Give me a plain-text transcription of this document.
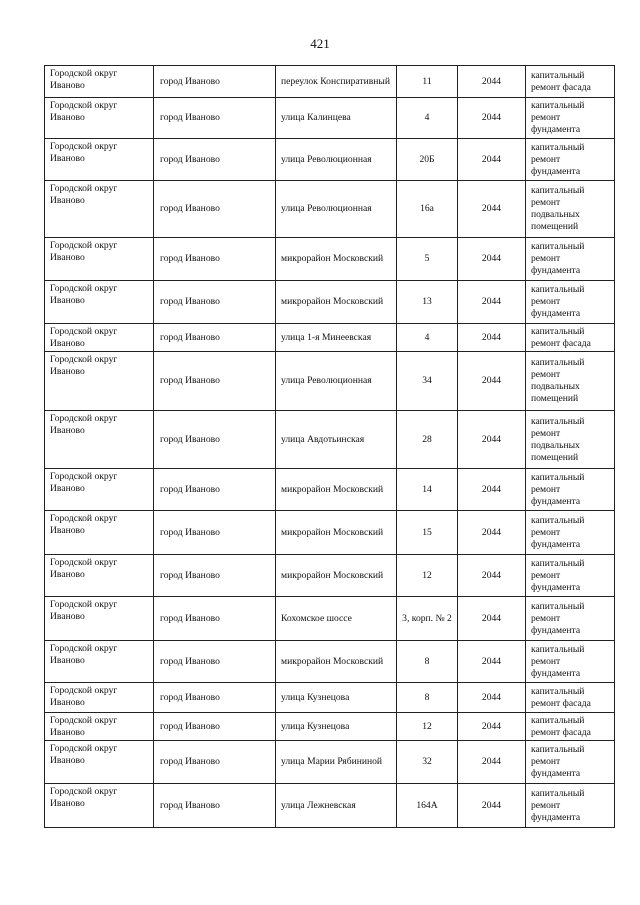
421
Городской округ Иваново	город Иваново	переулок Конспиративный	11	2044	капитальный ремонт фасада
Городской округ Иваново	город Иваново	улица Калинцева	4	2044	капитальный ремонт фундамента
Городской округ Иваново	город Иваново	улица Революционная	20Б	2044	капитальный ремонт фундамента
Городской округ Иваново	город Иваново	улица Революционная	16а	2044	капитальный ремонт подвальных помещений
Городской округ Иваново	город Иваново	микрорайон Московский	5	2044	капитальный ремонт фундамента
Городской округ Иваново	город Иваново	микрорайон Московский	13	2044	капитальный ремонт фундамента
Городской округ Иваново	город Иваново	улица 1-я Минеевская	4	2044	капитальный ремонт фасада
Городской округ Иваново	город Иваново	улица Революционная	34	2044	капитальный ремонт подвальных помещений
Городской округ Иваново	город Иваново	улица Авдотьинская	28	2044	капитальный ремонт подвальных помещений
Городской округ Иваново	город Иваново	микрорайон Московский	14	2044	капитальный ремонт фундамента
Городской округ Иваново	город Иваново	микрорайон Московский	15	2044	капитальный ремонт фундамента
Городской округ Иваново	город Иваново	микрорайон Московский	12	2044	капитальный ремонт фундамента
Городской округ Иваново	город Иваново	Кохомское шоссе	3, корп. № 2	2044	капитальный ремонт фундамента
Городской округ Иваново	город Иваново	микрорайон Московский	8	2044	капитальный ремонт фундамента
Городской округ Иваново	город Иваново	улица Кузнецова	8	2044	капитальный ремонт фасада
Городской округ Иваново	город Иваново	улица Кузнецова	12	2044	капитальный ремонт фасада
Городской округ Иваново	город Иваново	улица Марии Рябининой	32	2044	капитальный ремонт фундамента
Городской округ Иваново	город Иваново	улица Лежневская	164А	2044	капитальный ремонт фундамента
